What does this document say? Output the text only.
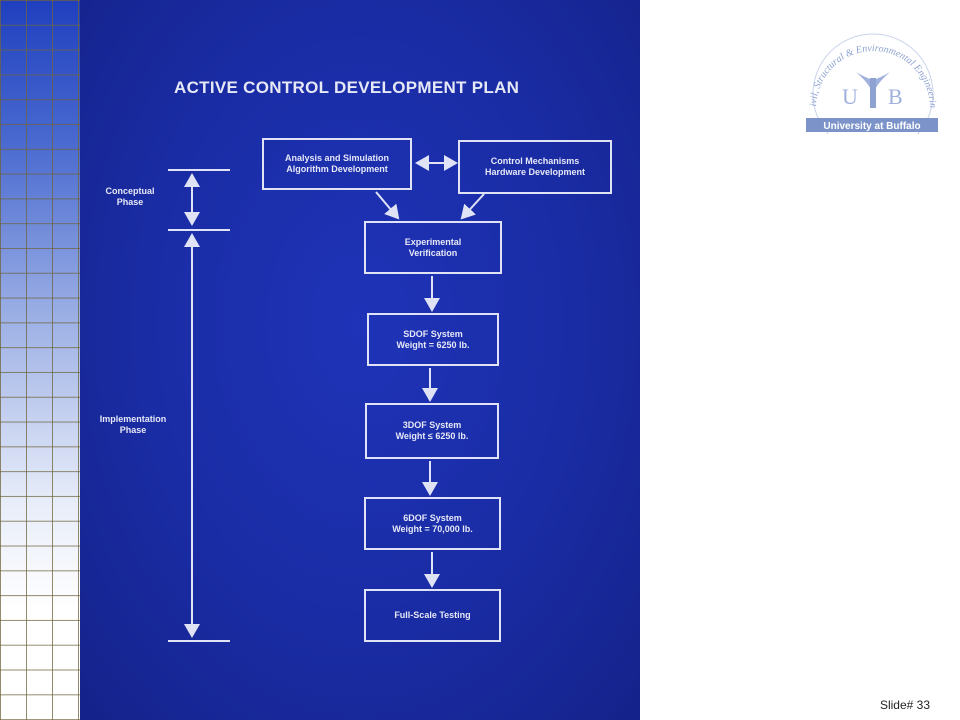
ACTIVE CONTROL DEVELOPMENT PLAN
Analysis and Simulation
Algorithm Development
Control Mechanisms
Hardware Development
Experimental
Verification
SDOF System
Weight = 6250 lb.
3DOF System
Weight ≤ 6250 lb.
6DOF System
Weight = 70,000 lb.
Full-Scale Testing
Conceptual
Phase
Implementation
Phase
ivil, Structural & Environmental Engineerin
U B
University at Buffalo
Slide# 33
